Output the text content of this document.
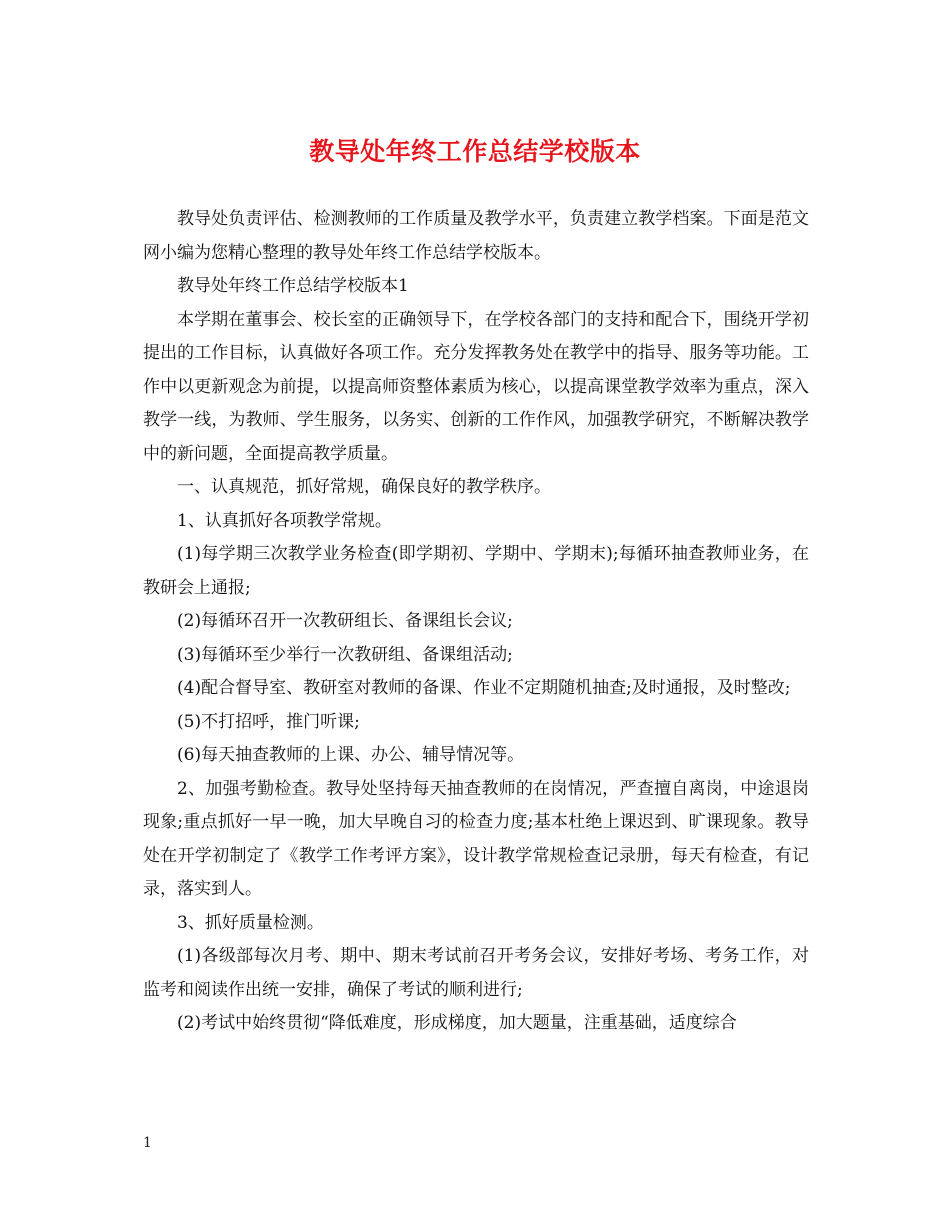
教导处年终工作总结学校版本

教导处负责评估、检测教师的工作质量及教学水平，负责建立教学档案。下面是范文网小编为您精心整理的教导处年终工作总结学校版本。

教导处年终工作总结学校版本1

本学期在董事会、校长室的正确领导下，在学校各部门的支持和配合下，围绕开学初提出的工作目标，认真做好各项工作。充分发挥教务处在教学中的指导、服务等功能。工作中以更新观念为前提，以提高师资整体素质为核心，以提高课堂教学效率为重点，深入教学一线，为教师、学生服务，以务实、创新的工作作风，加强教学研究，不断解决教学中的新问题，全面提高教学质量。

一、认真规范，抓好常规，确保良好的教学秩序。

1、认真抓好各项教学常规。

(1)每学期三次教学业务检查(即学期初、学期中、学期末);每循环抽查教师业务，在教研会上通报;

(2)每循环召开一次教研组长、备课组长会议;

(3)每循环至少举行一次教研组、备课组活动;

(4)配合督导室、教研室对教师的备课、作业不定期随机抽查;及时通报，及时整改;

(5)不打招呼，推门听课;

(6)每天抽查教师的上课、办公、辅导情况等。

2、加强考勤检查。教导处坚持每天抽查教师的在岗情况，严查擅自离岗，中途退岗现象;重点抓好一早一晚，加大早晚自习的检查力度;基本杜绝上课迟到、旷课现象。教导处在开学初制定了《教学工作考评方案》，设计教学常规检查记录册，每天有检查，有记录，落实到人。

3、抓好质量检测。

(1)各级部每次月考、期中、期末考试前召开考务会议，安排好考场、考务工作，对监考和阅读作出统一安排，确保了考试的顺利进行;

(2)考试中始终贯彻“降低难度，形成梯度，加大题量，注重基础，适度综合

1
